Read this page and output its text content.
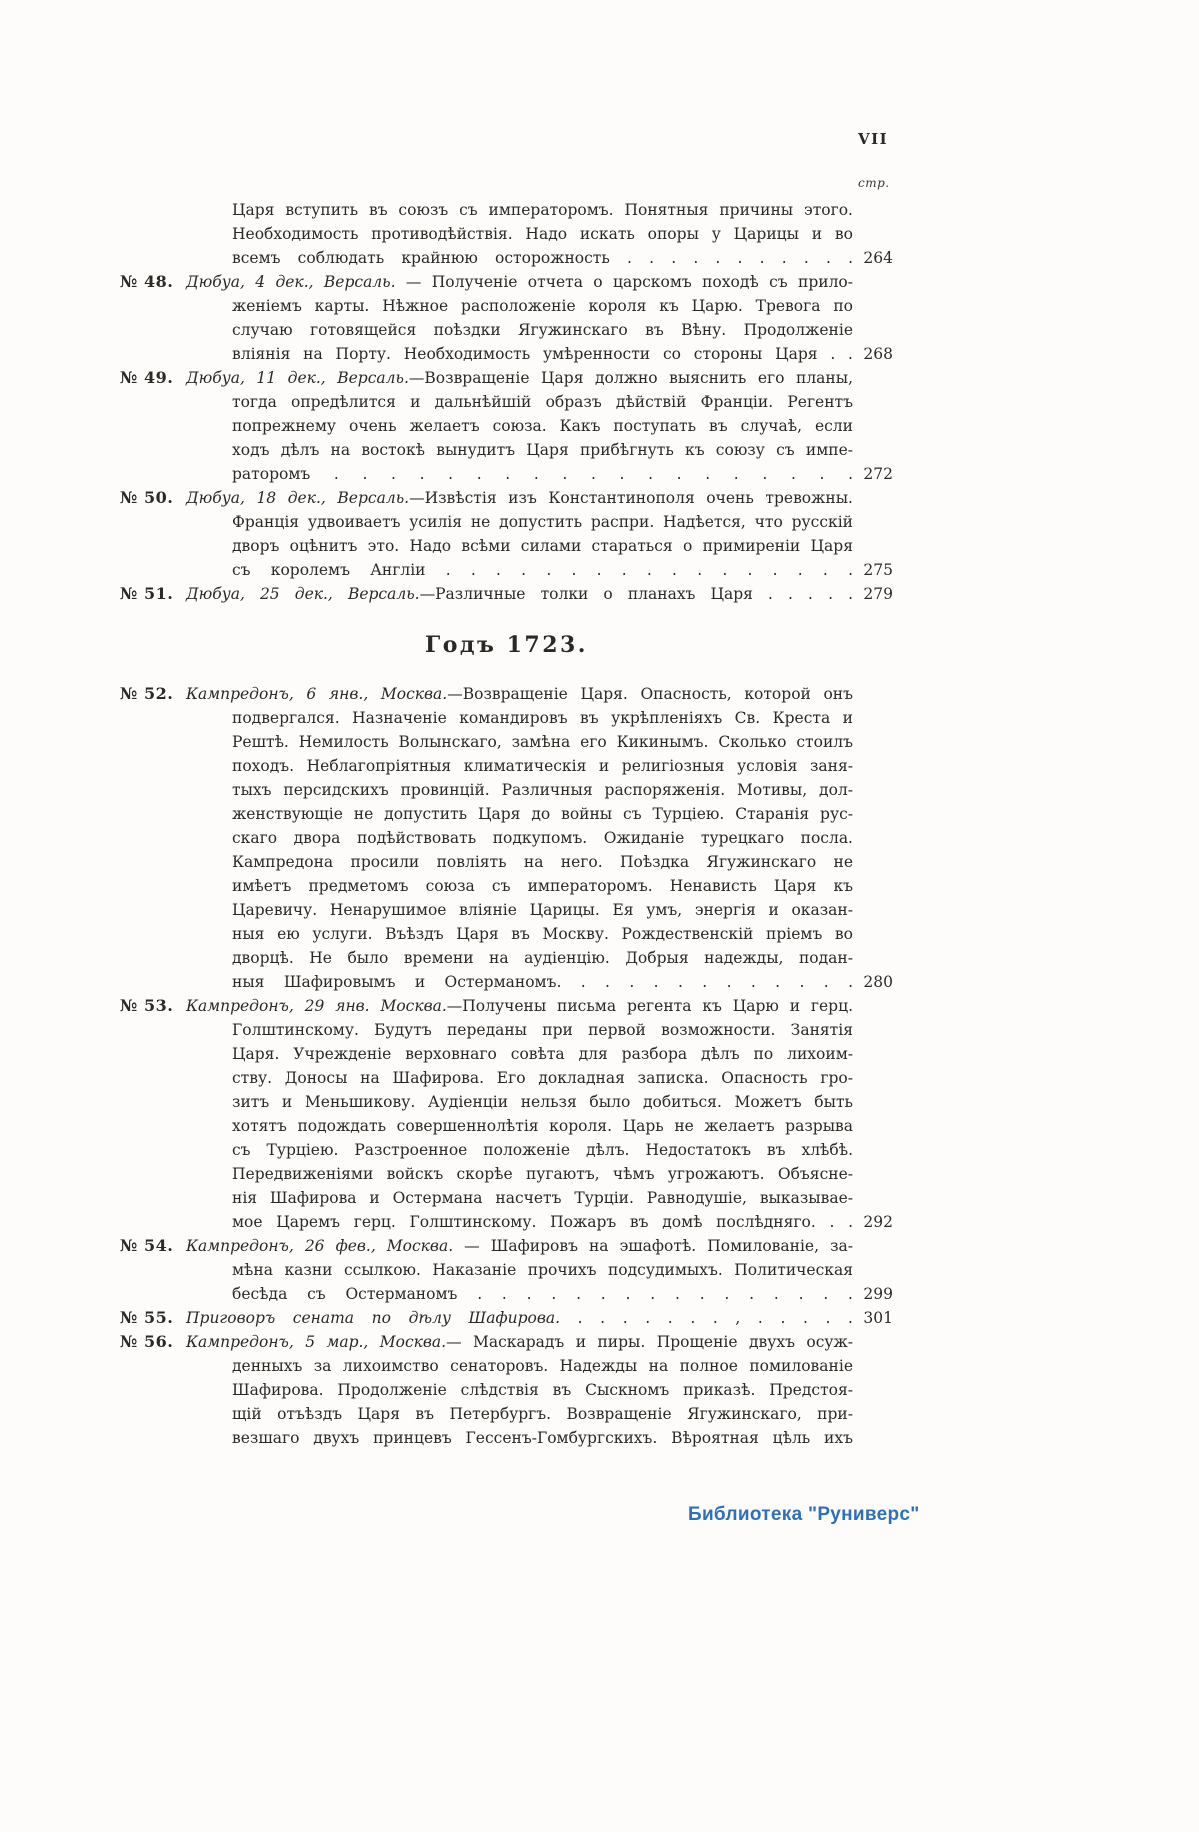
VII
стр.
Царя вступить въ союзъ съ императоромъ. Понятныя причины этого.
Необходимость противодѣйствія. Надо искать опоры у Царицы и во
всемъ соблюдать крайнюю осторожность . . . . . . . . . . . 264
№ 48. Дюбуа, 4 дек., Версаль. — Полученіе отчета о царскомъ походѣ съ прило-
женіемъ карты. Нѣжное расположеніе короля къ Царю. Тревога по
случаю готовящейся поѣздки Ягужинскаго въ Вѣну. Продолженіе
вліянія на Порту. Необходимость умѣренности со стороны Царя . . 268
№ 49. Дюбуа, 11 дек., Версаль.—Возвращеніе Царя должно выяснить его планы,
тогда опредѣлится и дальнѣйшій образъ дѣйствій Франціи. Регентъ
попрежнему очень желаетъ союза. Какъ поступать въ случаѣ, если
ходъ дѣлъ на востокѣ вынудитъ Царя прибѣгнуть къ союзу съ импе-
раторомъ . . . . . . . . . . . . . . . . . . . 272
№ 50. Дюбуа, 18 дек., Версаль.—Извѣстія изъ Константинополя очень тревожны.
Франція удвоиваетъ усилія не допустить распри. Надѣется, что русскій
дворъ оцѣнитъ это. Надо всѣми силами стараться о примиреніи Царя
съ королемъ Англіи . . . . . . . . . . . . . . . . . 275
№ 51. Дюбуа, 25 дек., Версаль.—Различные толки о планахъ Царя . . . . . 279
Годъ 1723.
№ 52. Кампредонъ, 6 янв., Москва.—Возвращеніе Царя. Опасность, которой онъ
подвергался. Назначеніе командировъ въ укрѣпленіяхъ Св. Креста и
Рештѣ. Немилость Волынскаго, замѣна его Кикинымъ. Сколько стоилъ
походъ. Неблагопріятныя климатическія и религіозныя условія заня-
тыхъ персидскихъ провинцій. Различныя распоряженія. Мотивы, дол-
женствующіе не допустить Царя до войны съ Турціею. Старанія рус-
скаго двора подѣйствовать подкупомъ. Ожиданіе турецкаго посла.
Кампредона просили повліять на него. Поѣздка Ягужинскаго не
имѣетъ предметомъ союза съ императоромъ. Ненависть Царя къ
Царевичу. Ненарушимое вліяніе Царицы. Ея умъ, энергія и оказан-
ныя ею услуги. Въѣздъ Царя въ Москву. Рождественскій пріемъ во
дворцѣ. Не было времени на аудіенцію. Добрыя надежды, подан-
ныя Шафировымъ и Остерманомъ. . . . . . . . . . . . . 280
№ 53. Кампредонъ, 29 янв. Москва.—Получены письма регента къ Царю и герц.
Голштинскому. Будутъ переданы при первой возможности. Занятія
Царя. Учрежденіе верховнаго совѣта для разбора дѣлъ по лихоим-
ству. Доносы на Шафирова. Его докладная записка. Опасность гро-
зитъ и Меньшикову. Аудіенціи нельзя было добиться. Можетъ быть
хотятъ подождать совершеннолѣтія короля. Царь не желаетъ разрыва
съ Турціею. Разстроенное положеніе дѣлъ. Недостатокъ въ хлѣбѣ.
Передвиженіями войскъ скорѣе пугаютъ, чѣмъ угрожаютъ. Объясне-
нія Шафирова и Остермана насчетъ Турціи. Равнодушіе, выказывае-
мое Царемъ герц. Голштинскому. Пожаръ въ домѣ послѣдняго. . . 292
№ 54. Кампредонъ, 26 фев., Москва. — Шафировъ на эшафотѣ. Помилованіе, за-
мѣна казни ссылкою. Наказаніе прочихъ подсудимыхъ. Политическая
бесѣда съ Остерманомъ . . . . . . . . . . . . . . . . 299
№ 55. Приговоръ сената по дѣлу Шафирова. . . . . . . . , . . . . . 301
№ 56. Кампредонъ, 5 мар., Москва.— Маскарадъ и пиры. Прощеніе двухъ осуж-
денныхъ за лихоимство сенаторовъ. Надежды на полное помилованіе
Шафирова. Продолженіе слѣдствія въ Сыскномъ приказѣ. Предстоя-
щій отъѣздъ Царя въ Петербургъ. Возвращеніе Ягужинскаго, при-
везшаго двухъ принцевъ Гессенъ-Гомбургскихъ. Вѣроятная цѣль ихъ
Библиотека "Руниверс"
